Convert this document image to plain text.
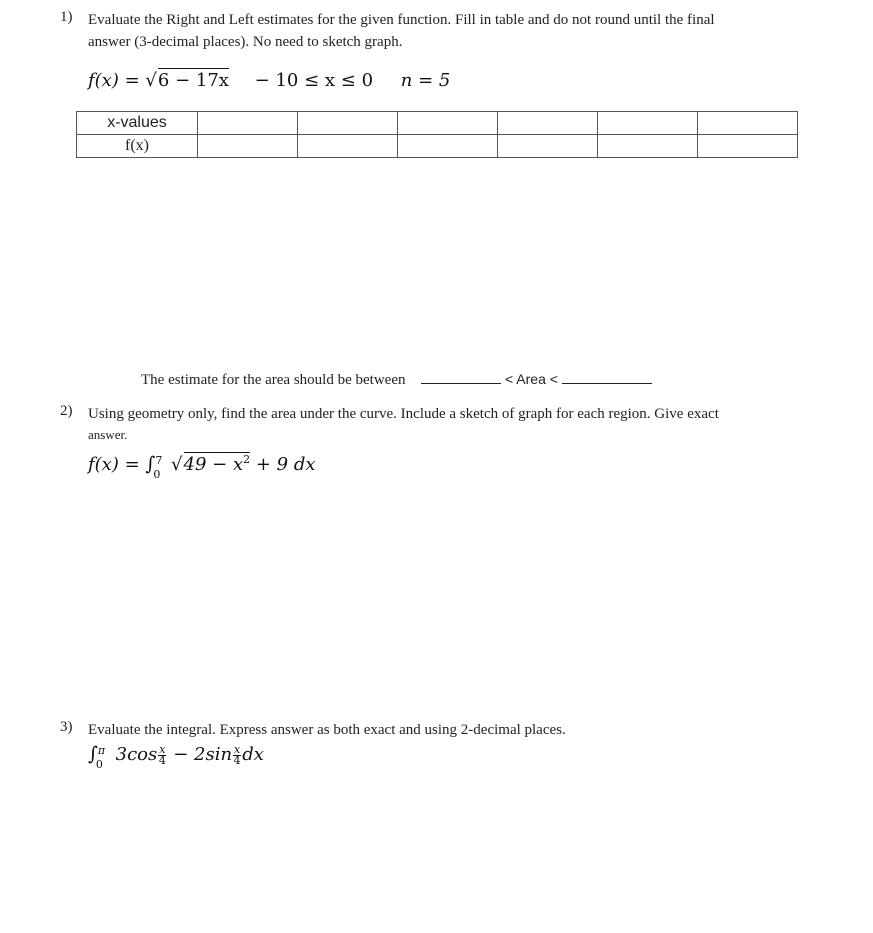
1) Evaluate the Right and Left estimates for the given function. Fill in table and do not round until the final
answer (3-decimal places). No need to sketch graph.
f(x) = √6 − 17x − 10 ≤ x ≤ 0 n = 5
x-values						
f(x)						
The estimate for the area should be between	< Area <
2) Using geometry only, find the area under the curve. Include a sketch of graph for each region. Give exact
answer.
f(x) = ∫ 7
0 $√49 - x^2 + 9$ dx
3) Evaluate the integral. Express answer as both exact and using 2-decimal places.
∫ π
0 $3\cos \frac{x}{4} - 2\sin \frac{x}{4}$ dx
